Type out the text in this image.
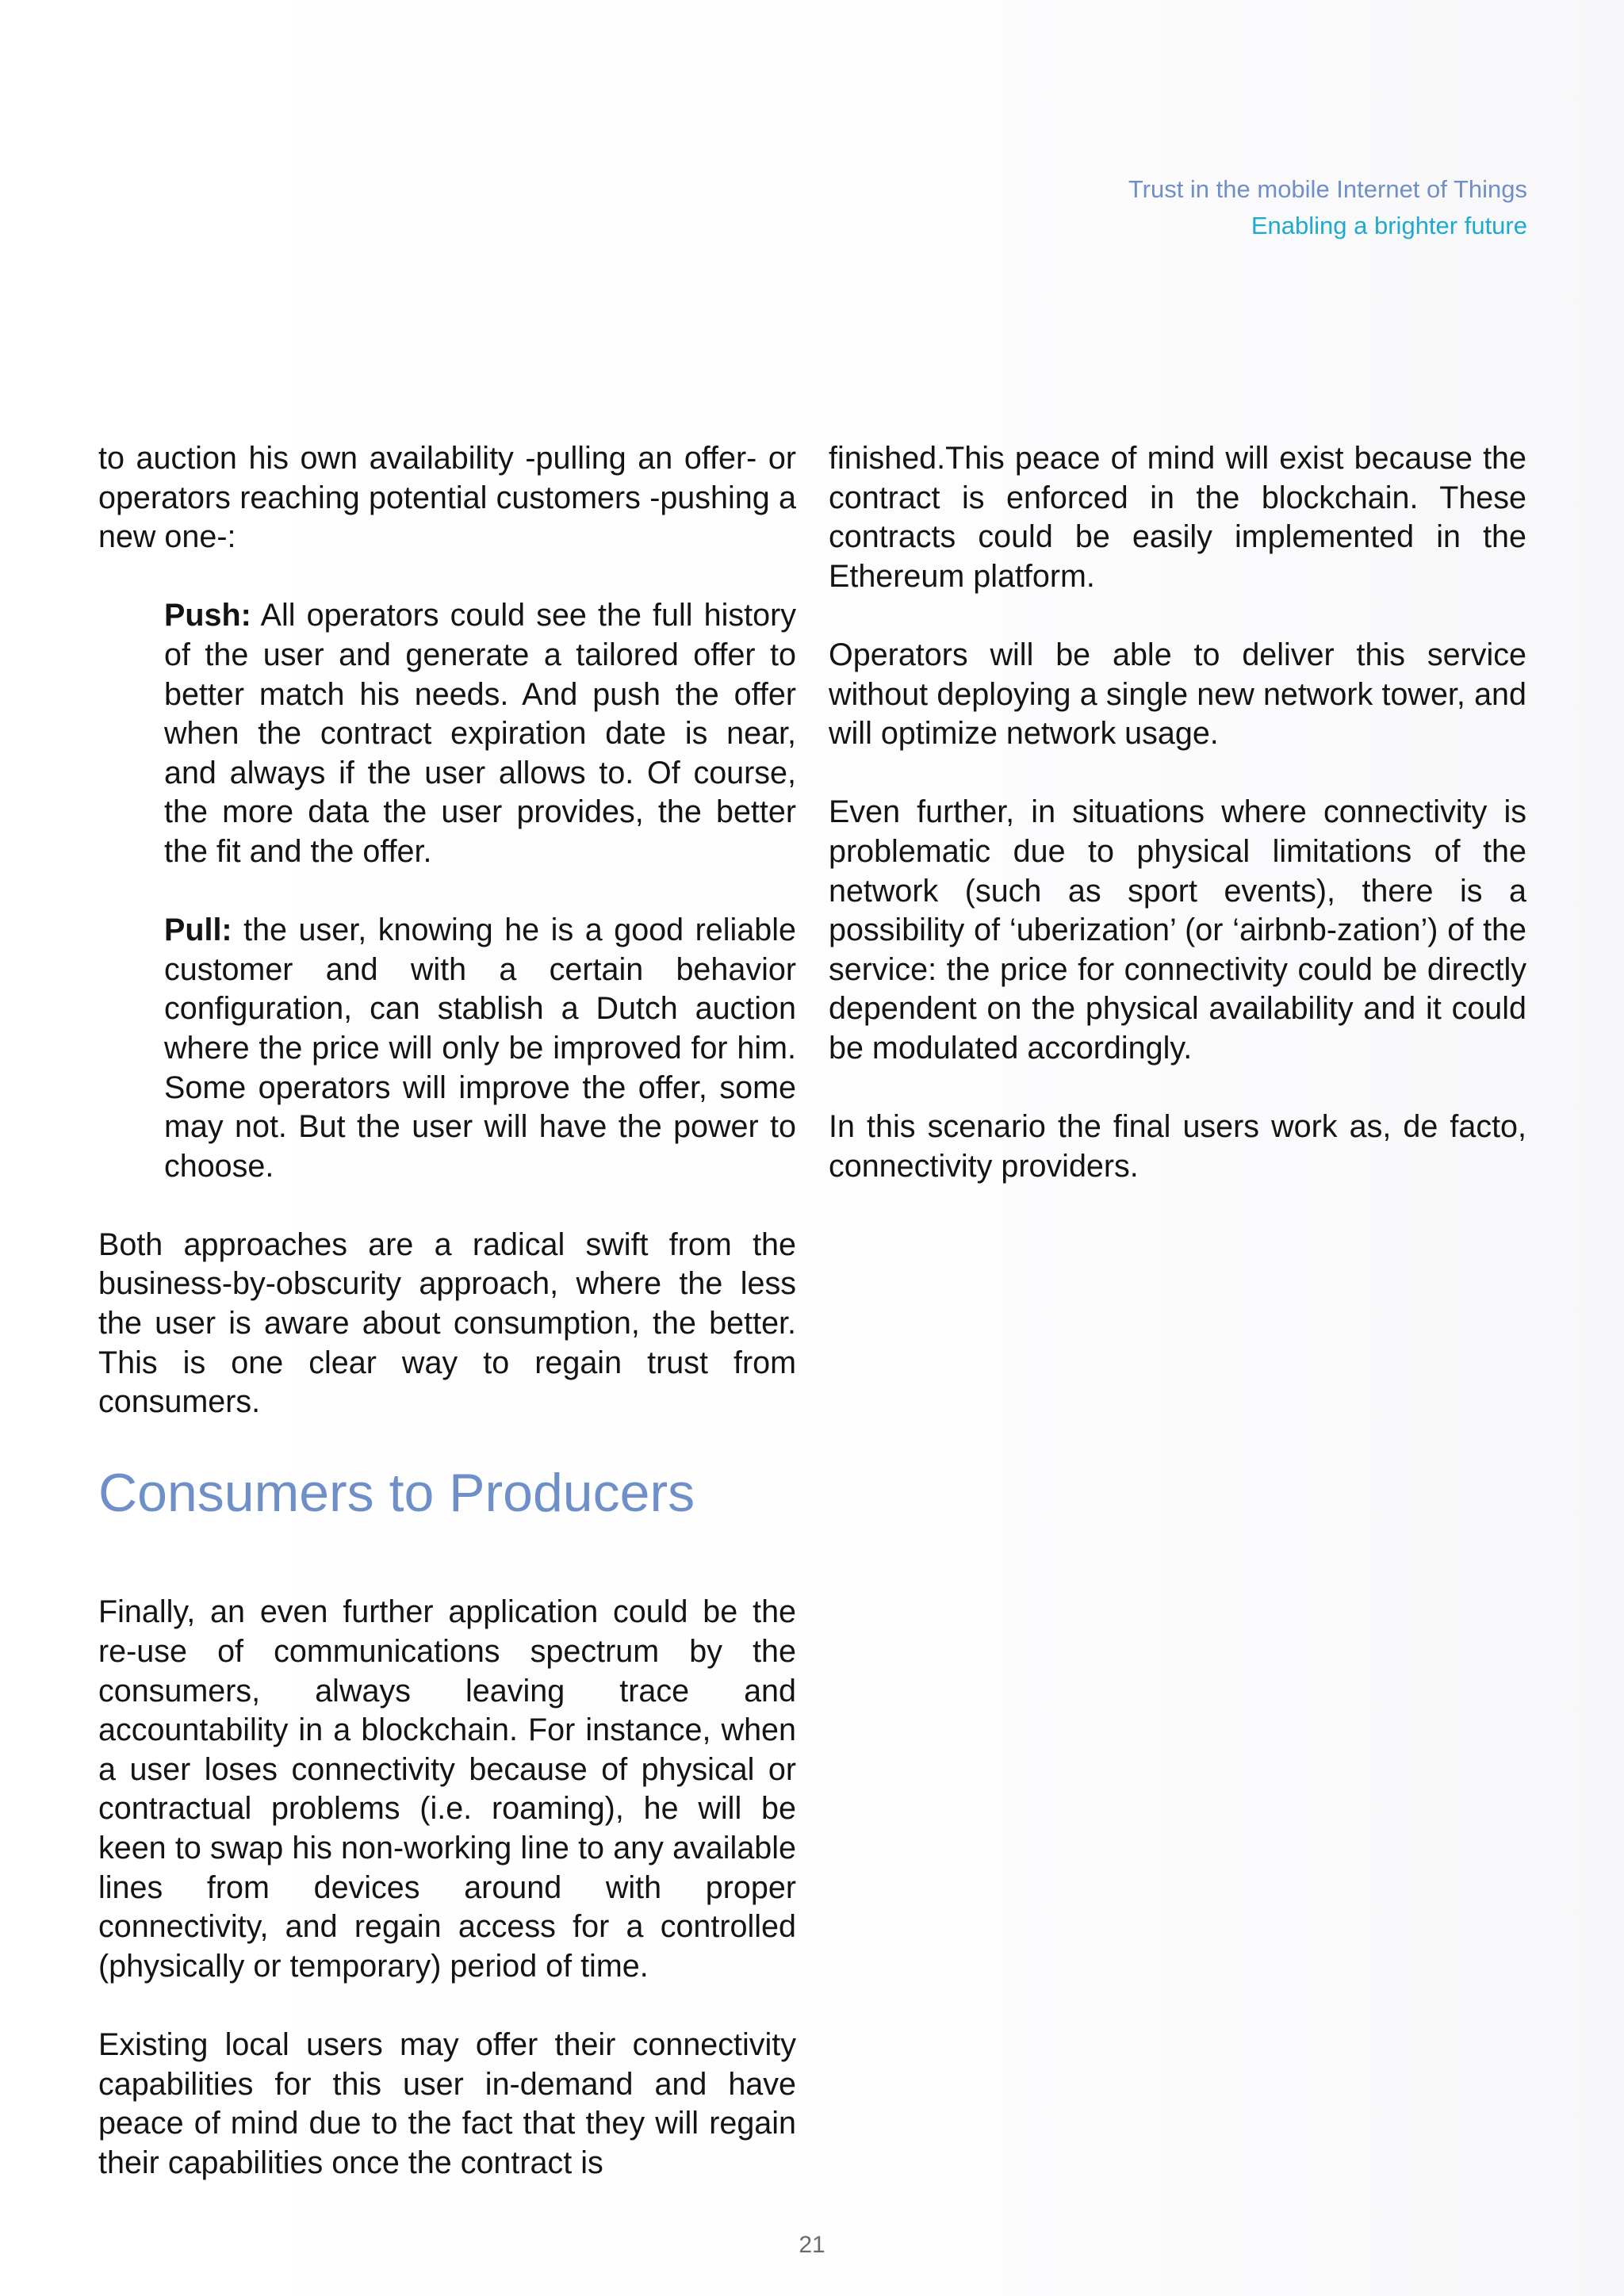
Trust in the mobile Internet of Things
Enabling a brighter future

to auction his own availability -pulling an offer- or operators reaching potential customers -pushing a new one-:

Push: All operators could see the full history of the user and generate a tailored offer to better match his needs. And push the offer when the contract expiration date is near, and always if the user allows to. Of course, the more data the user provides, the better the fit and the offer.

Pull: the user, knowing he is a good reliable customer and with a certain behavior configuration, can stablish a Dutch auction where the price will only be improved for him. Some operators will improve the offer, some may not. But the user will have the power to choose.

Both approaches are a radical swift from the business-by-obscurity approach, where the less the user is aware about consumption, the better. This is one clear way to regain trust from consumers.

Consumers to Producers

Finally, an even further application could be the re-use of communications spectrum by the consumers, always leaving trace and accountability in a blockchain. For instance, when a user loses connectivity because of physical or contractual problems (i.e. roaming), he will be keen to swap his non-working line to any available lines from devices around with proper connectivity, and regain access for a controlled (physically or temporary) period of time.

Existing local users may offer their connectivity capabilities for this user in-demand and have peace of mind due to the fact that they will regain their capabilities once the contract is

finished.This peace of mind will exist because the contract is enforced in the blockchain. These contracts could be easily implemented in the Ethereum platform.

Operators will be able to deliver this service without deploying a single new network tower, and will optimize network usage.

Even further, in situations where connectivity is problematic due to physical limitations of the network (such as sport events), there is a possibility of ‘uberization’ (or ‘airbnb-zation’) of the service: the price for connectivity could be directly dependent on the physical availability and it could be modulated accordingly.

In this scenario the final users work as, de facto, connectivity providers.

21
